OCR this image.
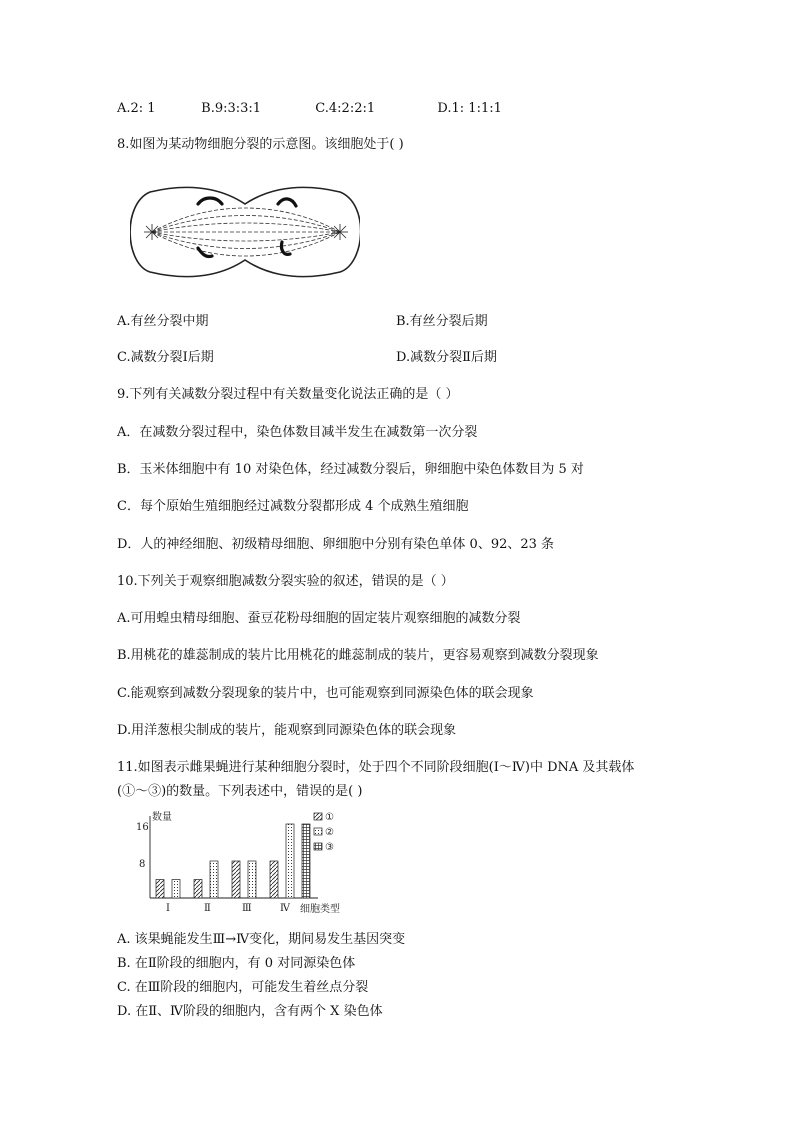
A.2: 1	B.9:3:3:1	C.4:2:2:1	D.1: 1:1:1
8.如图为某动物细胞分裂的示意图。该细胞处于( )
A.有丝分裂中期	B.有丝分裂后期
C.减数分裂Ⅰ后期	D.减数分裂Ⅱ后期
9.下列有关减数分裂过程中有关数量变化说法正确的是（ ）
A．在减数分裂过程中，染色体数目减半发生在减数第一次分裂
B．玉米体细胞中有 10 对染色体，经过减数分裂后，卵细胞中染色体数目为 5 对
C．每个原始生殖细胞经过减数分裂都形成 4 个成熟生殖细胞
D．人的神经细胞、初级精母细胞、卵细胞中分别有染色单体 0、92、23 条
10.下列关于观察细胞减数分裂实验的叙述，错误的是（ ）
A.可用蝗虫精母细胞、蚕豆花粉母细胞的固定装片观察细胞的减数分裂
B.用桃花的雄蕊制成的装片比用桃花的雌蕊制成的装片，更容易观察到减数分裂现象
C.能观察到减数分裂现象的装片中，也可能观察到同源染色体的联会现象
D.用洋葱根尖制成的装片，能观察到同源染色体的联会现象
11.如图表示雌果蝇进行某种细胞分裂时，处于四个不同阶段细胞(Ⅰ～Ⅳ)中 DNA 及其载体
(①～③)的数量。下列表述中，错误的是( )
数量
细胞类型
16
8
Ⅰ	Ⅱ	Ⅲ	Ⅳ
①
②
③
A. 该果蝇能发生Ⅲ→Ⅳ变化，期间易发生基因突变
B. 在Ⅱ阶段的细胞内，有 0 对同源染色体
C. 在Ⅲ阶段的细胞内，可能发生着丝点分裂
D. 在Ⅱ、Ⅳ阶段的细胞内，含有两个 X 染色体
